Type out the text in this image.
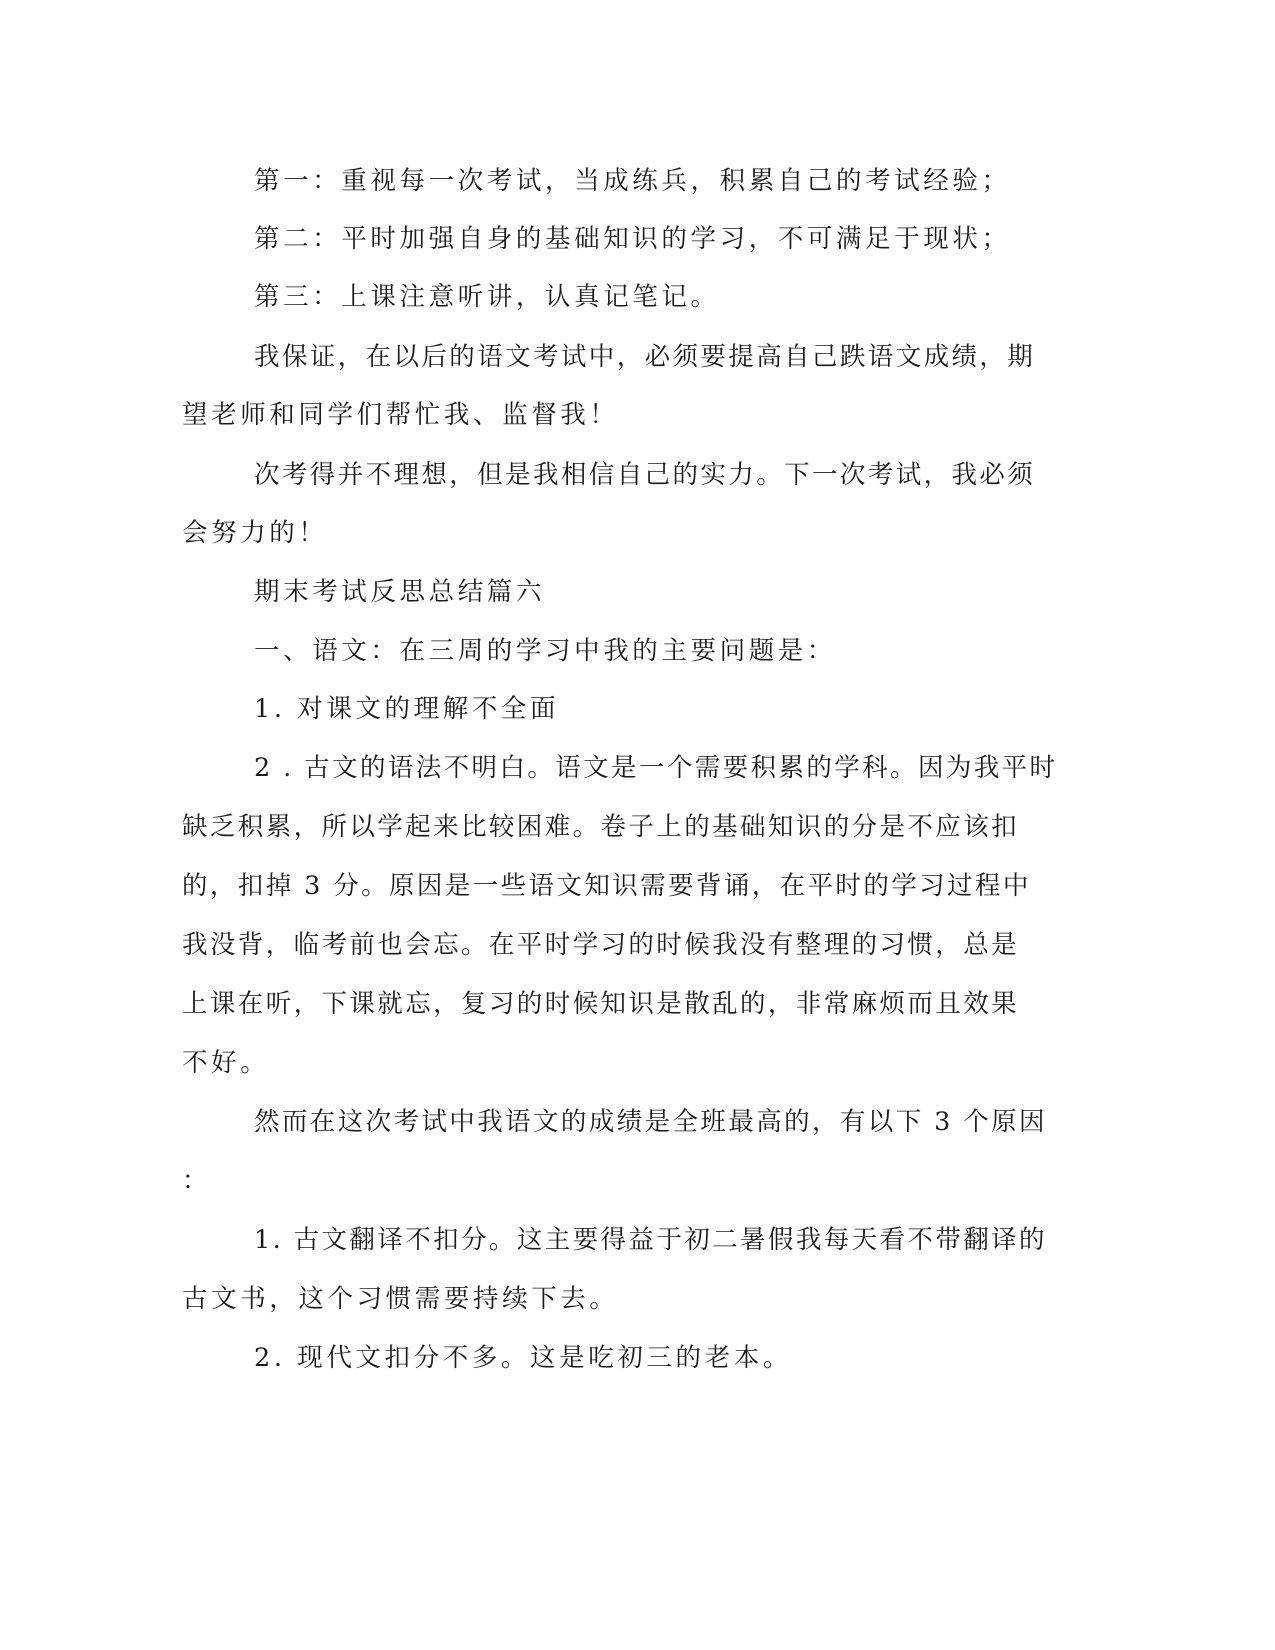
第一：重视每一次考试，当成练兵，积累自己的考试经验；
第二：平时加强自身的基础知识的学习，不可满足于现状；
第三：上课注意听讲，认真记笔记。
我保证，在以后的语文考试中，必须要提高自己跌语文成绩，期
望老师和同学们帮忙我、监督我！
次考得并不理想，但是我相信自己的实力。下一次考试，我必须
会努力的！
期末考试反思总结篇六
一、语文：在三周的学习中我的主要问题是：
1. 对课文的理解不全面
2 . 古文的语法不明白。语文是一个需要积累的学科。因为我平时
缺乏积累，所以学起来比较困难。卷子上的基础知识的分是不应该扣
的，扣掉 3 分。原因是一些语文知识需要背诵，在平时的学习过程中
我没背，临考前也会忘。在平时学习的时候我没有整理的习惯，总是
上课在听，下课就忘，复习的时候知识是散乱的，非常麻烦而且效果
不好。
然而在这次考试中我语文的成绩是全班最高的，有以下 3 个原因
：
1. 古文翻译不扣分。这主要得益于初二暑假我每天看不带翻译的
古文书，这个习惯需要持续下去。
2. 现代文扣分不多。这是吃初三的老本。
